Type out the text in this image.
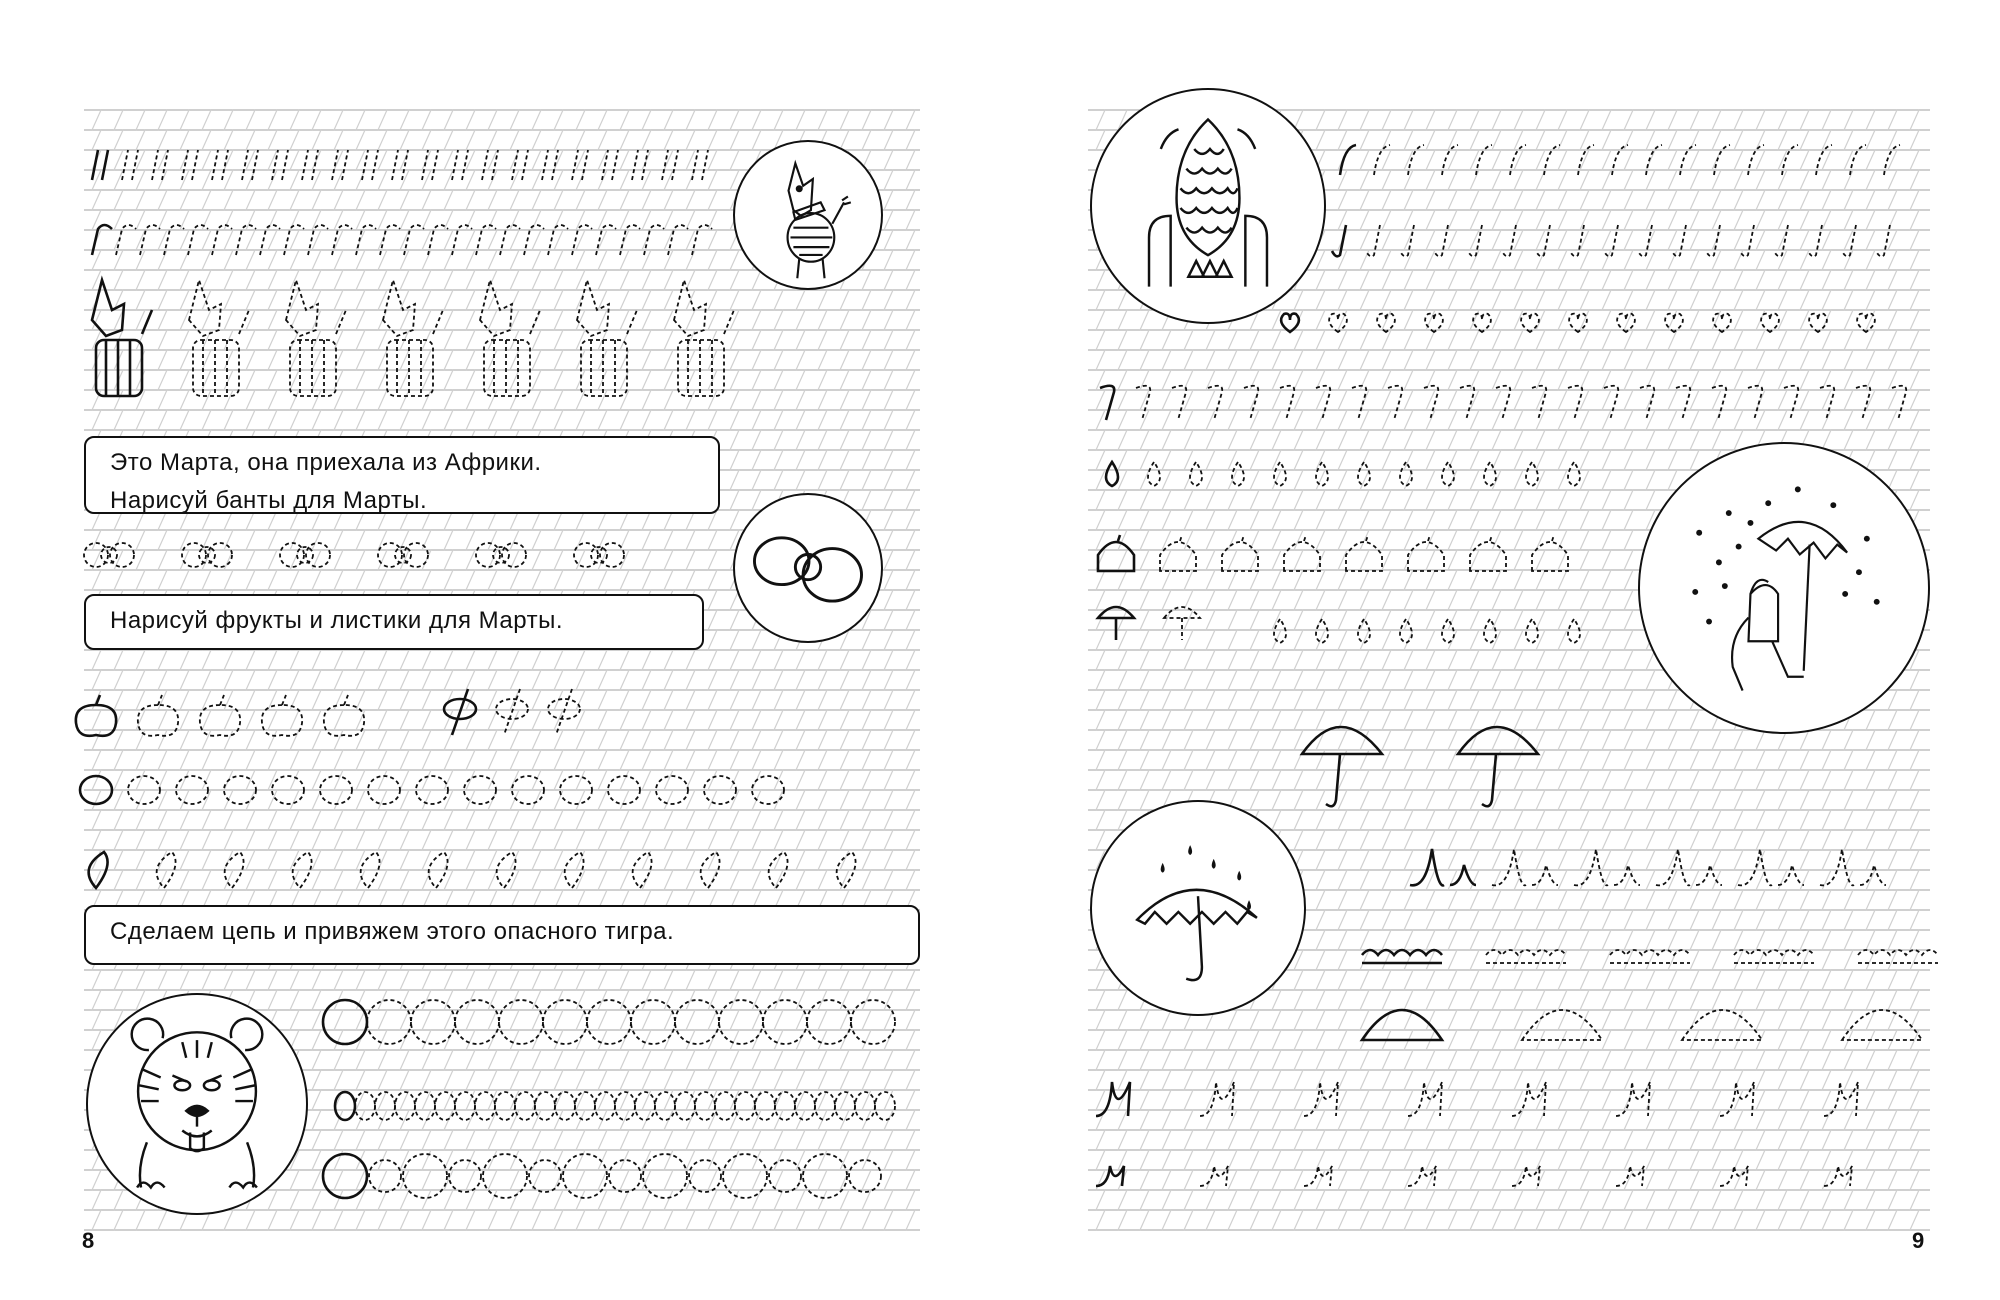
Это Марта, она приехала из Африки.
Нарисуй банты для Марты.
Нарисуй фрукты и листики для Марты.
Сделаем цепь и привяжем этого опасного тигра.
8	9
